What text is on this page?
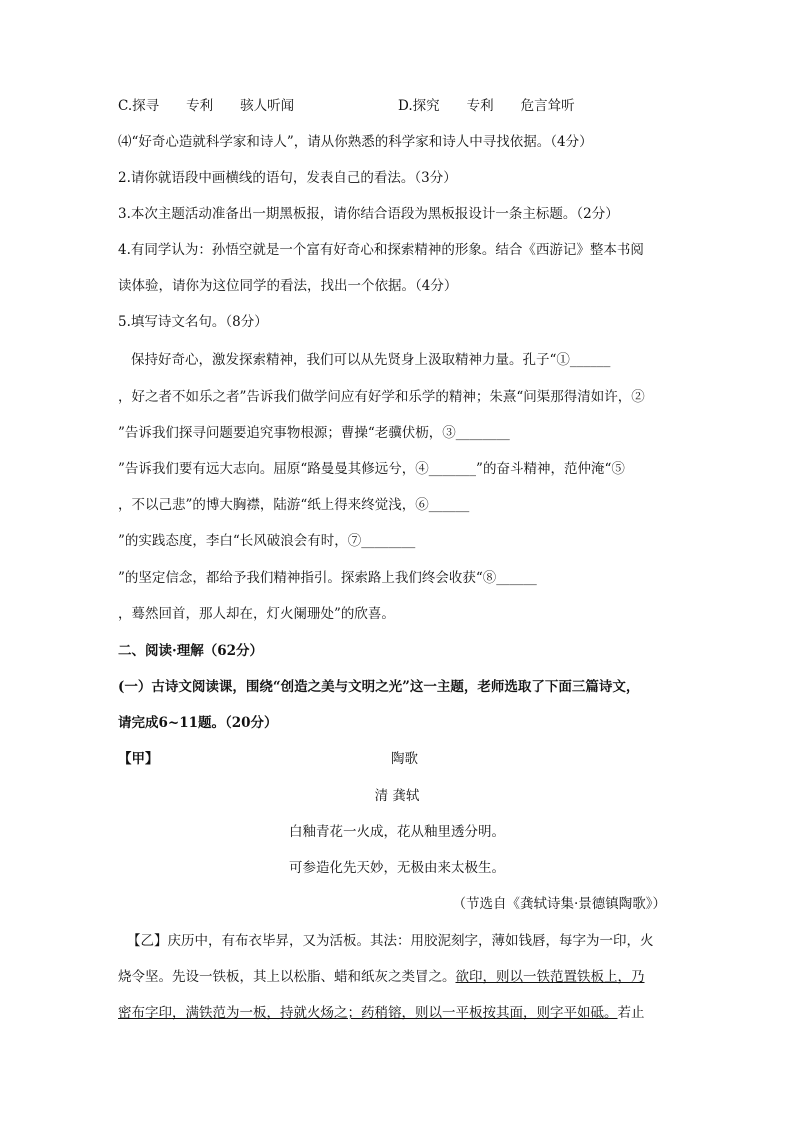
C.探寻　　专利　　骇人听闻	D.探究　　专利　　危言耸听
⑷“好奇心造就科学家和诗人”，请从你熟悉的科学家和诗人中寻找依据。（4分）
2.请你就语段中画横线的语句，发表自己的看法。（3分）
3.本次主题活动准备出一期黑板报，请你结合语段为黑板报设计一条主标题。（2分）
4.有同学认为：孙悟空就是一个富有好奇心和探索精神的形象。结合《西游记》整本书阅
读体验，请你为这位同学的看法，找出一个依据。（4分）
5.填写诗文名句。（8分）
保持好奇心，激发探索精神，我们可以从先贤身上汲取精神力量。孔子“①______
，好之者不如乐之者”告诉我们做学问应有好学和乐学的精神；朱熹“问渠那得清如许，②
”告诉我们探寻问题要追究事物根源；曹操“老骥伏枥，③________
”告诉我们要有远大志向。屈原“路曼曼其修远兮，④_______”的奋斗精神，范仲淹“⑤
，不以己悲”的博大胸襟，陆游“纸上得来终觉浅，⑥______
”的实践态度，李白“长风破浪会有时，⑦________
”的坚定信念，都给予我们精神指引。探索路上我们终会收获“⑧______
，蓦然回首，那人却在，灯火阑珊处”的欣喜。
二、阅读·理解（62分）
(一）古诗文阅读课，围绕“创造之美与文明之光”这一主题，老师选取了下面三篇诗文，
请完成6~11题。（20分）
【甲】	陶歌
清 龚轼
白釉青花一火成，花从釉里透分明。
可参造化先天妙，无极由来太极生。
（节选自《龚轼诗集·景德镇陶歌》）
【乙】庆历中，有布衣毕昇，又为活板。其法：用胶泥刻字，薄如钱唇，每字为一印，火
烧令坚。先设一铁板，其上以松脂、蜡和纸灰之类冒之。欲印，则以一铁范置铁板上，乃
密布字印，满铁范为一板，持就火炀之；药稍镕，则以一平板按其面，则字平如砥。若止
